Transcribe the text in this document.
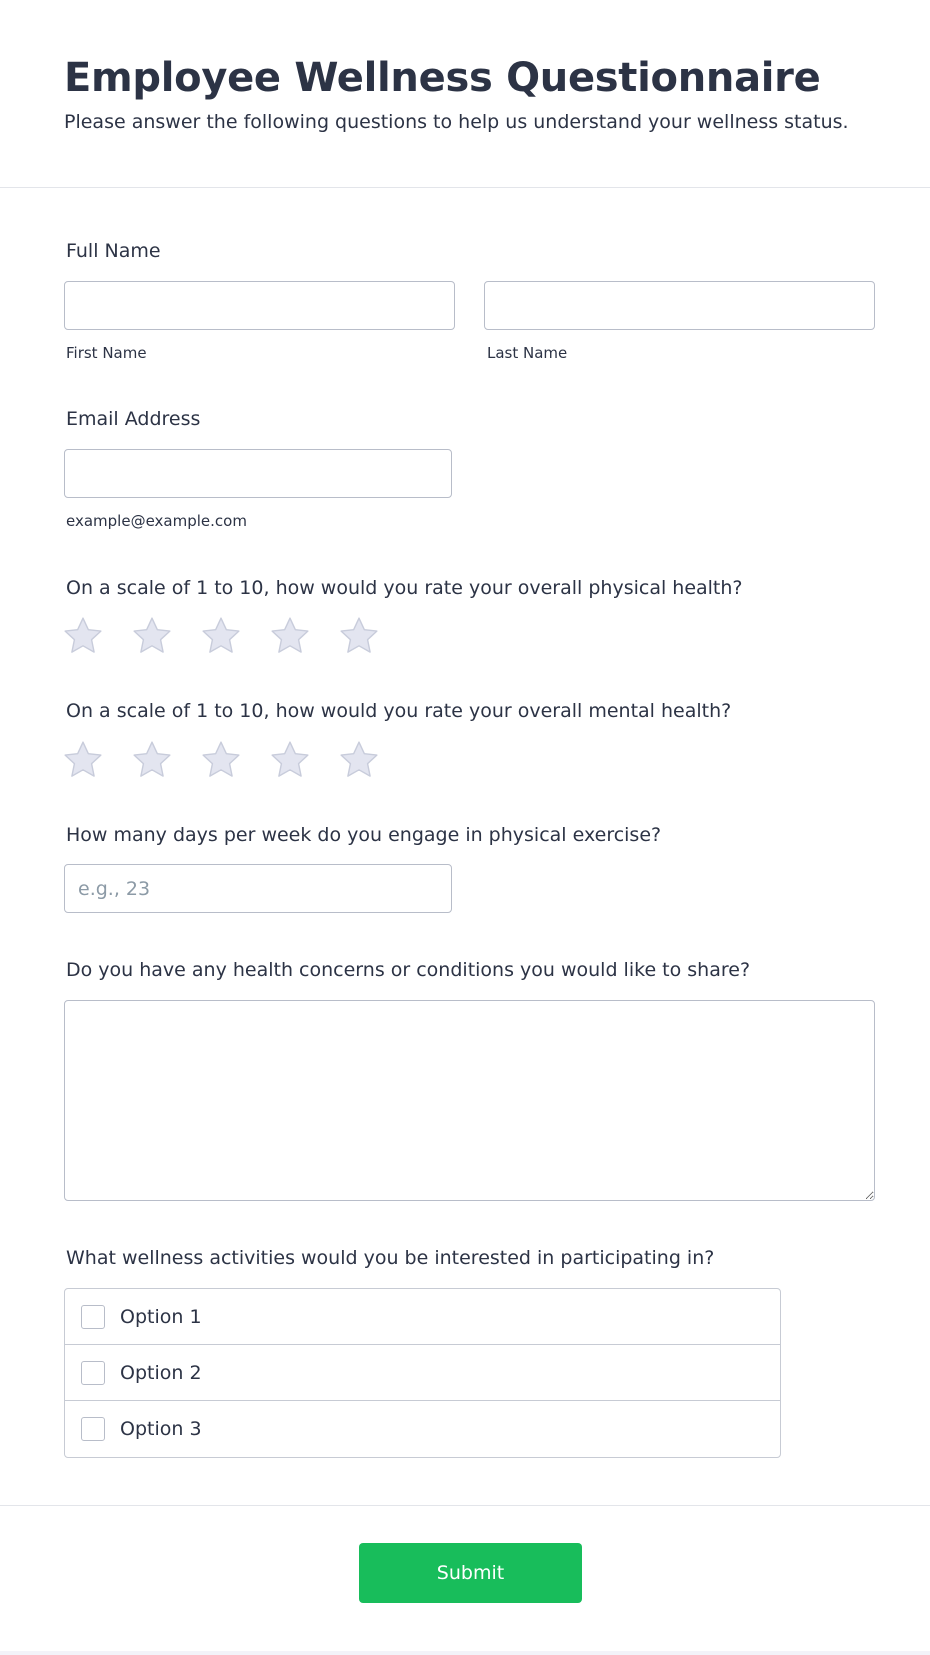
Employee Wellness Questionnaire

Please answer the following questions to help us understand your wellness status.

Full Name
First Name	Last Name
Email Address
example@example.com
On a scale of 1 to 10, how would you rate your overall physical health?
On a scale of 1 to 10, how would you rate your overall mental health?
How many days per week do you engage in physical exercise?
e.g., 23
Do you have any health concerns or conditions you would like to share?
What wellness activities would you be interested in participating in?
Option 1
Option 2
Option 3
Submit
